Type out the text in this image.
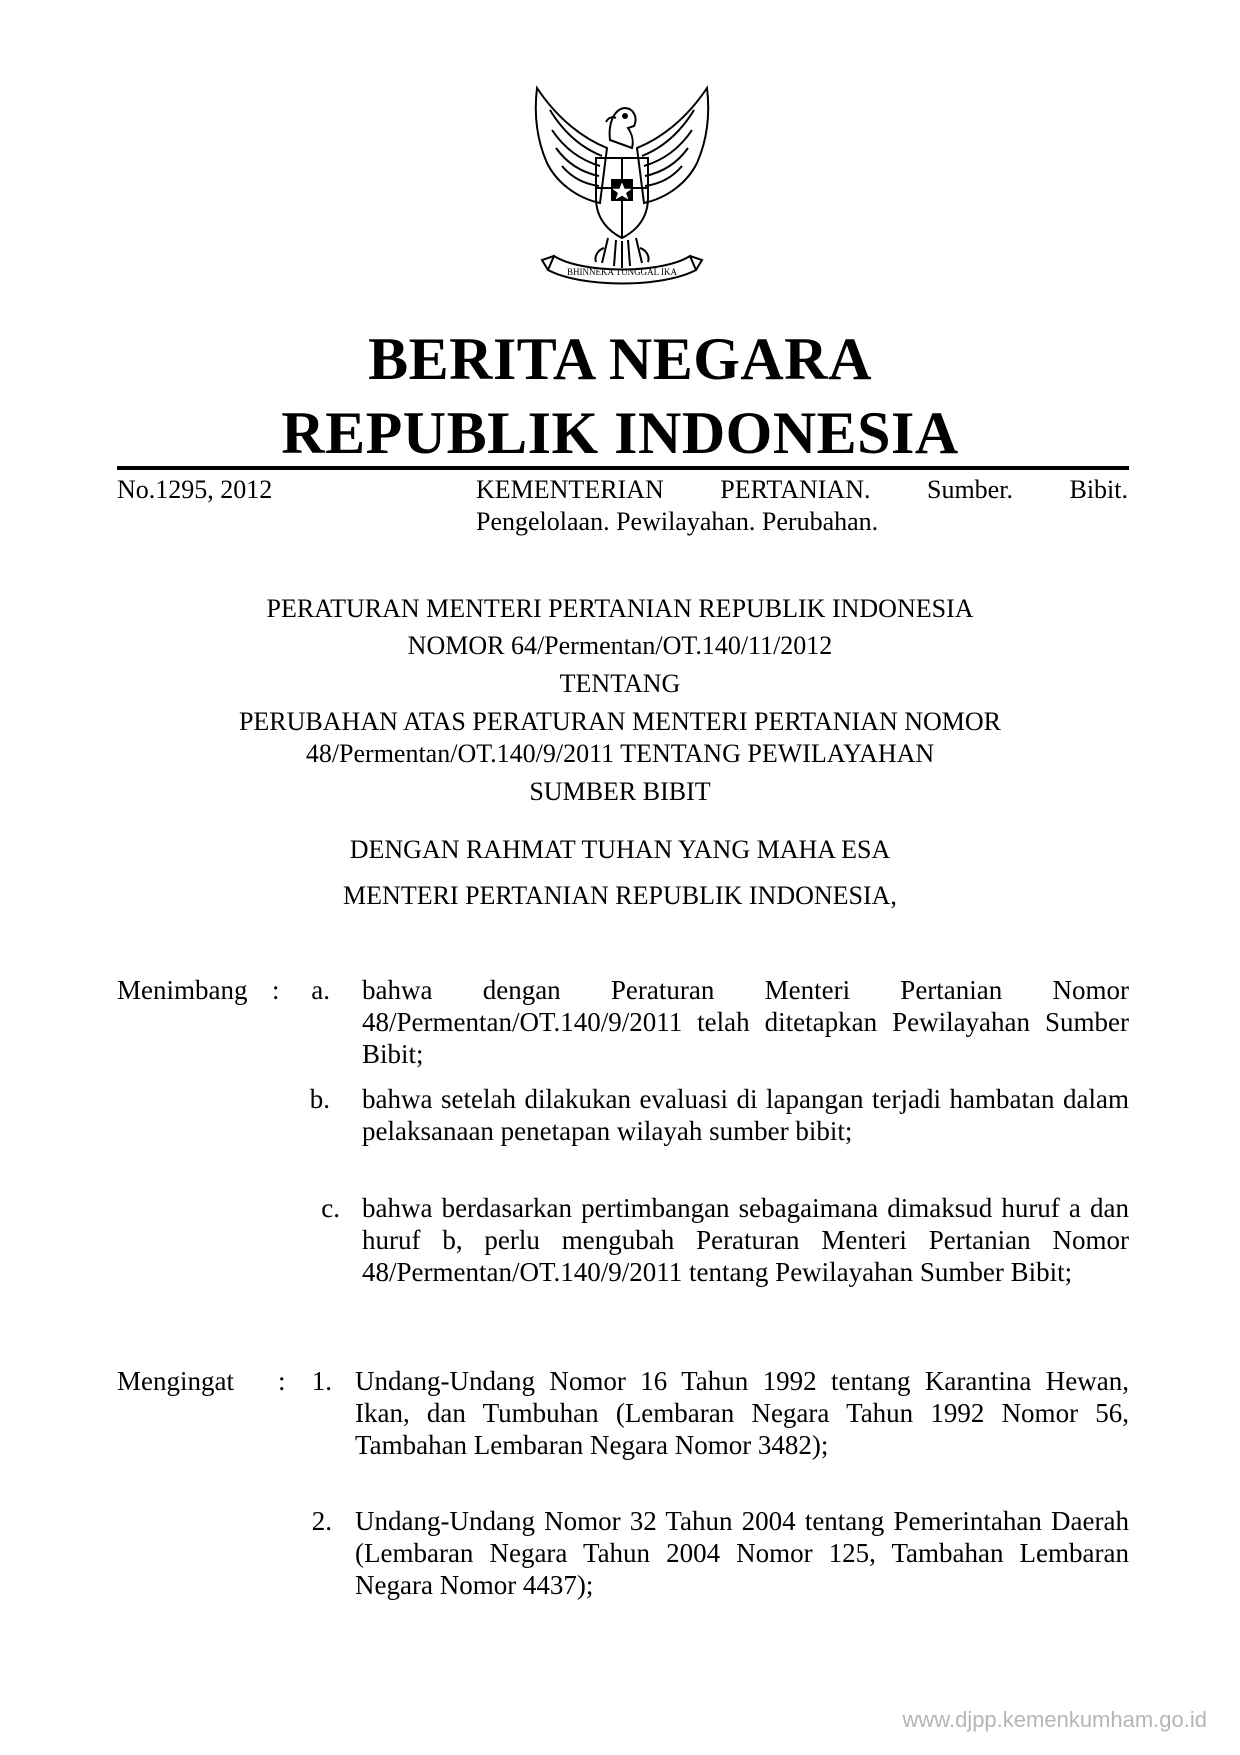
BHINNEKA TUNGGAL IKA
BERITA NEGARA
REPUBLIK INDONESIA
No.1295, 2012	KEMENTERIAN PERTANIAN. Sumber. Bibit.
Pengelolaan. Pewilayahan. Perubahan.
PERATURAN MENTERI PERTANIAN REPUBLIK INDONESIA
NOMOR 64/Permentan/OT.140/11/2012
TENTANG
PERUBAHAN ATAS PERATURAN MENTERI PERTANIAN NOMOR
48/Permentan/OT.140/9/2011 TENTANG PEWILAYAHAN
SUMBER BIBIT
DENGAN RAHMAT TUHAN YANG MAHA ESA
MENTERI PERTANIAN REPUBLIK INDONESIA,
Menimbang :	a. bahwa dengan Peraturan Menteri Pertanian Nomor 48/Permentan/OT.140/9/2011 telah ditetapkan Pewilayahan Sumber Bibit;
b. bahwa setelah dilakukan evaluasi di lapangan terjadi hambatan dalam pelaksanaan penetapan wilayah sumber bibit;
c. bahwa berdasarkan pertimbangan sebagaimana dimaksud huruf a dan huruf b, perlu mengubah Peraturan Menteri Pertanian Nomor 48/Permentan/OT.140/9/2011 tentang Pewilayahan Sumber Bibit;
Mengingat : 1. Undang-Undang Nomor 16 Tahun 1992 tentang Karantina Hewan, Ikan, dan Tumbuhan (Lembaran Negara Tahun 1992 Nomor 56, Tambahan Lembaran Negara Nomor 3482);
2. Undang-Undang Nomor 32 Tahun 2004 tentang Pemerintahan Daerah (Lembaran Negara Tahun 2004 Nomor 125, Tambahan Lembaran Negara Nomor 4437);
www.djpp.kemenkumham.go.id
